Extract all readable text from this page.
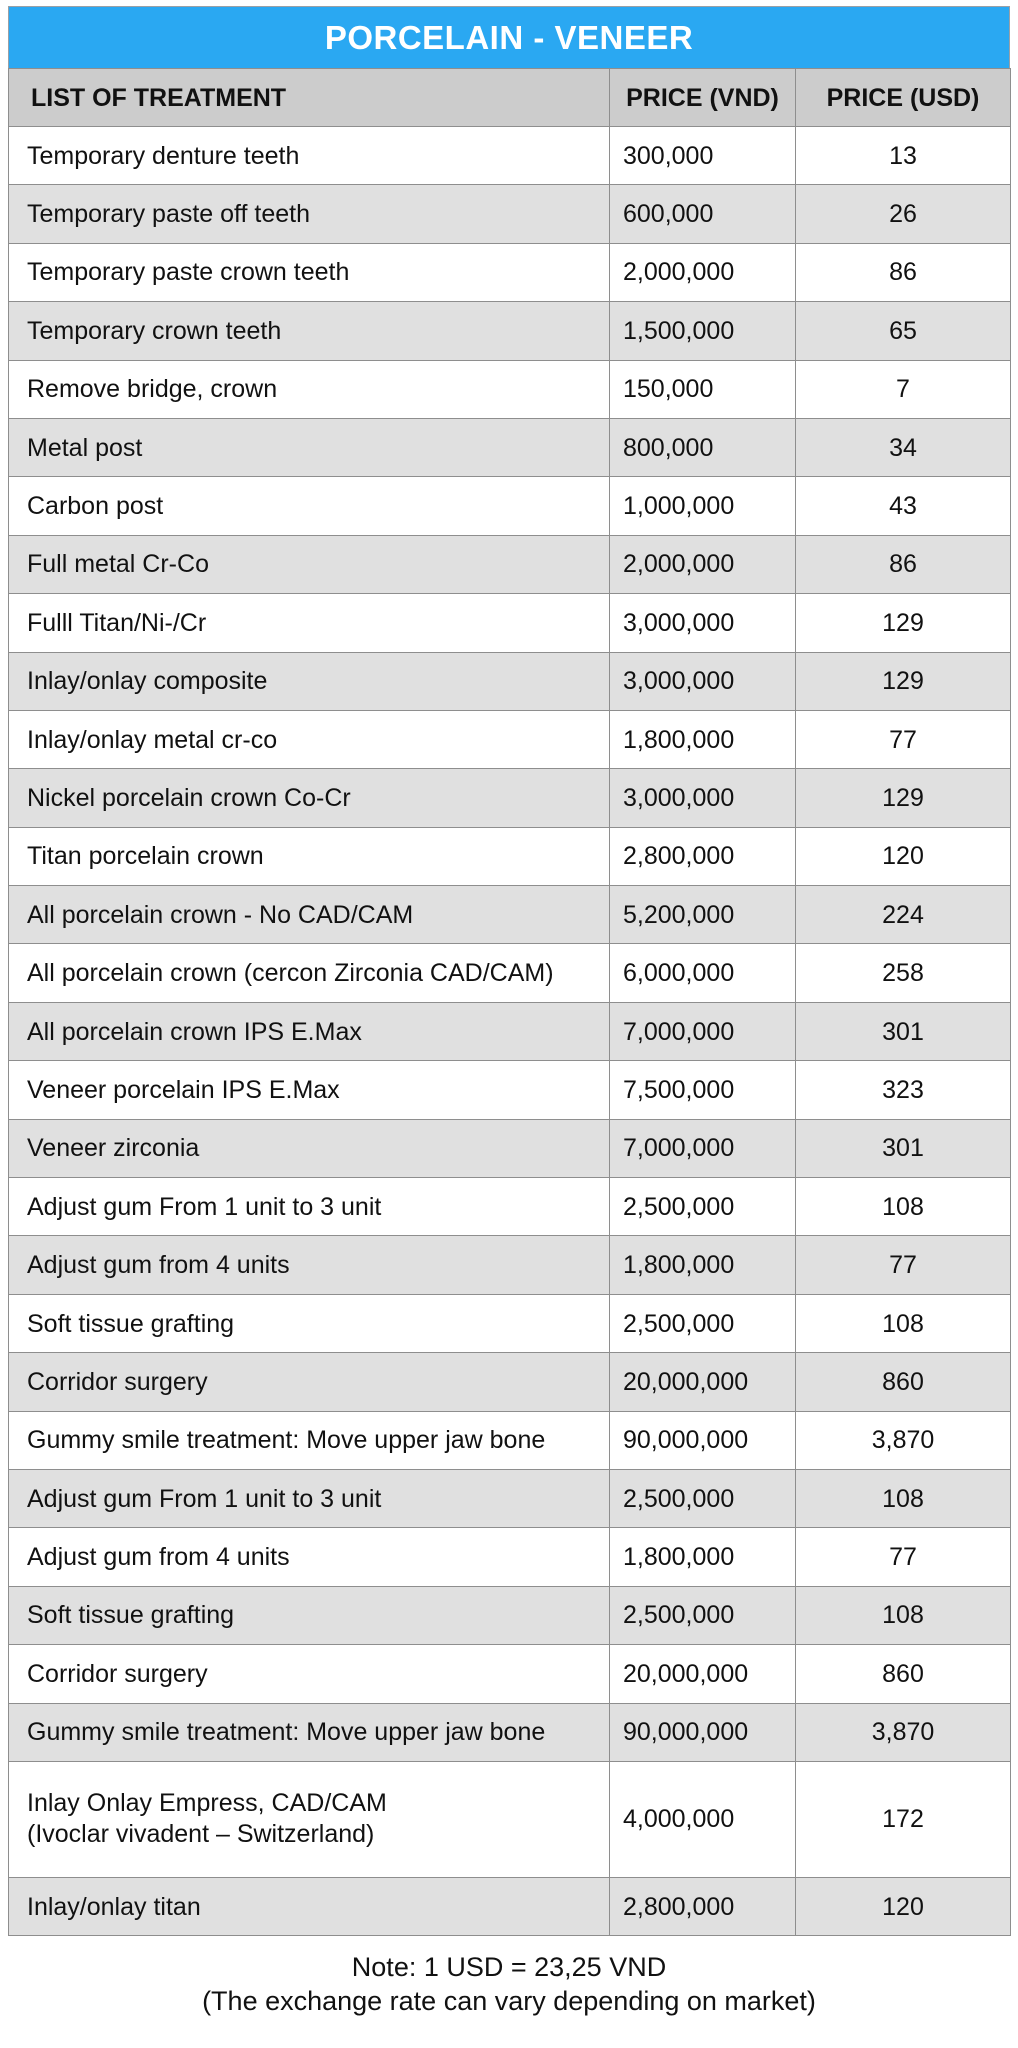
PORCELAIN - VENEER
LIST OF TREATMENT	PRICE (VND)	PRICE (USD)

Temporary denture teeth	300,000	13

Temporary paste off teeth	600,000	26

Temporary paste crown teeth	2,000,000	86

Temporary crown teeth	1,500,000	65

Remove bridge, crown	150,000	7

Metal post	800,000	34

Carbon post	1,000,000	43

Full metal Cr-Co	2,000,000	86

Fulll Titan/Ni-/Cr	3,000,000	129

Inlay/onlay composite	3,000,000	129

Inlay/onlay metal cr-co	1,800,000	77

Nickel porcelain crown Co-Cr	3,000,000	129

Titan porcelain crown	2,800,000	120

All porcelain crown - No CAD/CAM	5,200,000	224

All porcelain crown (cercon Zirconia CAD/CAM)	6,000,000	258

All porcelain crown IPS E.Max	7,000,000	301

Veneer porcelain IPS E.Max	7,500,000	323

Veneer zirconia	7,000,000	301

Adjust gum From 1 unit to 3 unit	2,500,000	108

Adjust gum from 4 units	1,800,000	77

Soft tissue grafting	2,500,000	108

Corridor surgery	20,000,000	860

Gummy smile treatment: Move upper jaw bone	90,000,000	3,870

Adjust gum From 1 unit to 3 unit	2,500,000	108

Adjust gum from 4 units	1,800,000	77

Soft tissue grafting	2,500,000	108

Corridor surgery	20,000,000	860

Gummy smile treatment: Move upper jaw bone	90,000,000	3,870

Inlay Onlay Empress, CAD/CAM
(Ivoclar vivadent – Switzerland)	4,000,000	172

Inlay/onlay titan	2,800,000	120
Note: 1 USD = 23,25 VND
(The exchange rate can vary depending on market)
